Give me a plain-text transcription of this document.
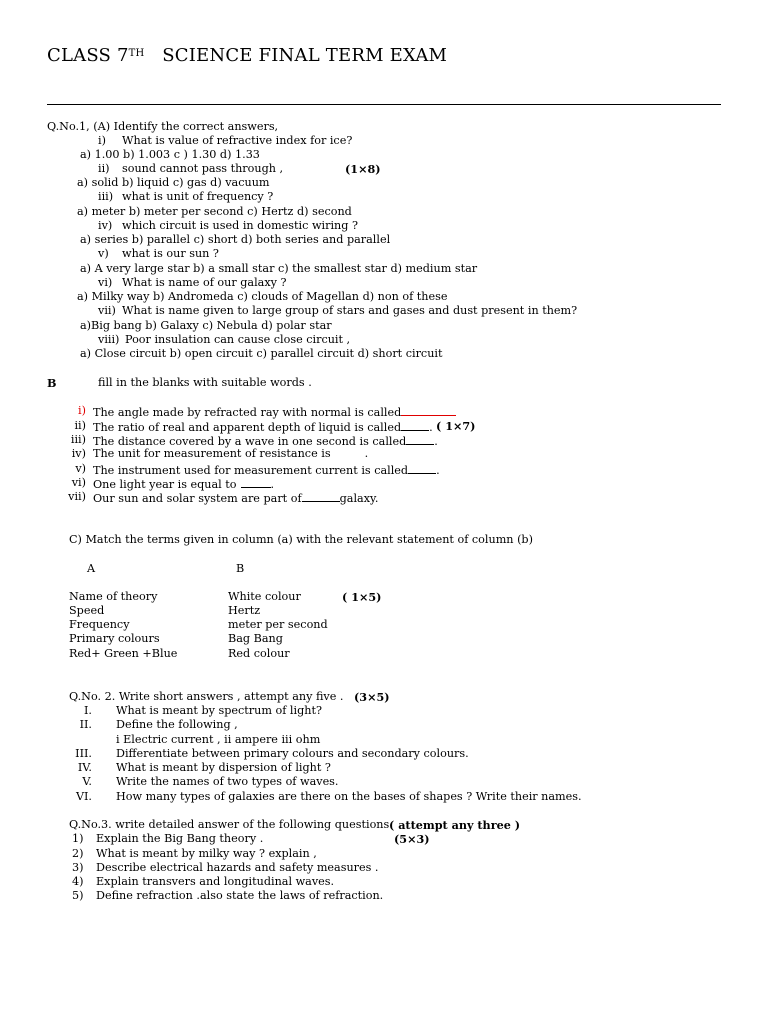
CLASS 7TH SCIENCE FINAL TERM EXAM
Q.No.1, (A) Identify the correct answers,
i) What is value of refractive index for ice?
a) 1.00 b) 1.003 c ) 1.30 d) 1.33
ii) sound cannot pass through ,	(1×8)
a) solid b) liquid c) gas d) vacuum
iii) what is unit of frequency ?
a) meter b) meter per second c) Hertz d) second
iv) which circuit is used in domestic wiring ?
a) series b) parallel c) short d) both series and parallel
v) what is our sun ?
a) A very large star b) a small star c) the smallest star d) medium star
vi) What is name of our galaxy ?
a) Milky way b) Andromeda c) clouds of Magellan d) non of these
vii) What is name given to large group of stars and gases and dust present in them?
a)Big bang b) Galaxy c) Nebula d) polar star
viii) Poor insulation can cause close circuit ,
a) Close circuit b) open circuit c) parallel circuit d) short circuit
B	fill in the blanks with suitable words .
i) The angle made by refracted ray with normal is called
ii) The ratio of real and apparent depth of liquid is called	. ( 1×7)
iii) The distance covered by a wave in one second is called	.
iv) The unit for measurement of resistance is	.
v) The instrument used for measurement current is called	.
vi) One light year is equal to	.
vii) Our sun and solar system are part of	galaxy.
C) Match the terms given in column (a) with the relevant statement of column (b)
A	B
Name of theory	White colour	( 1×5)
Speed	Hertz
Frequency	meter per second
Primary colours	Bag Bang
Red+ Green +Blue	Red colour
Q.No. 2. Write short answers , attempt any five . (3×5)
I. What is meant by spectrum of light?
II. Define the following ,
i Electric current , ii ampere iii ohm
III. Differentiate between primary colours and secondary colours.
IV. What is meant by dispersion of light ?
V. Write the names of two types of waves.
VI. How many types of galaxies are there on the bases of shapes ? Write their names.
Q.No.3. write detailed answer of the following questions ( attempt any three )
(5×3)
1) Explain the Big Bang theory .
2) What is meant by milky way ? explain ,
3) Describe electrical hazards and safety measures .
4) Explain transvers and longitudinal waves.
5) Define refraction .also state the laws of refraction.
